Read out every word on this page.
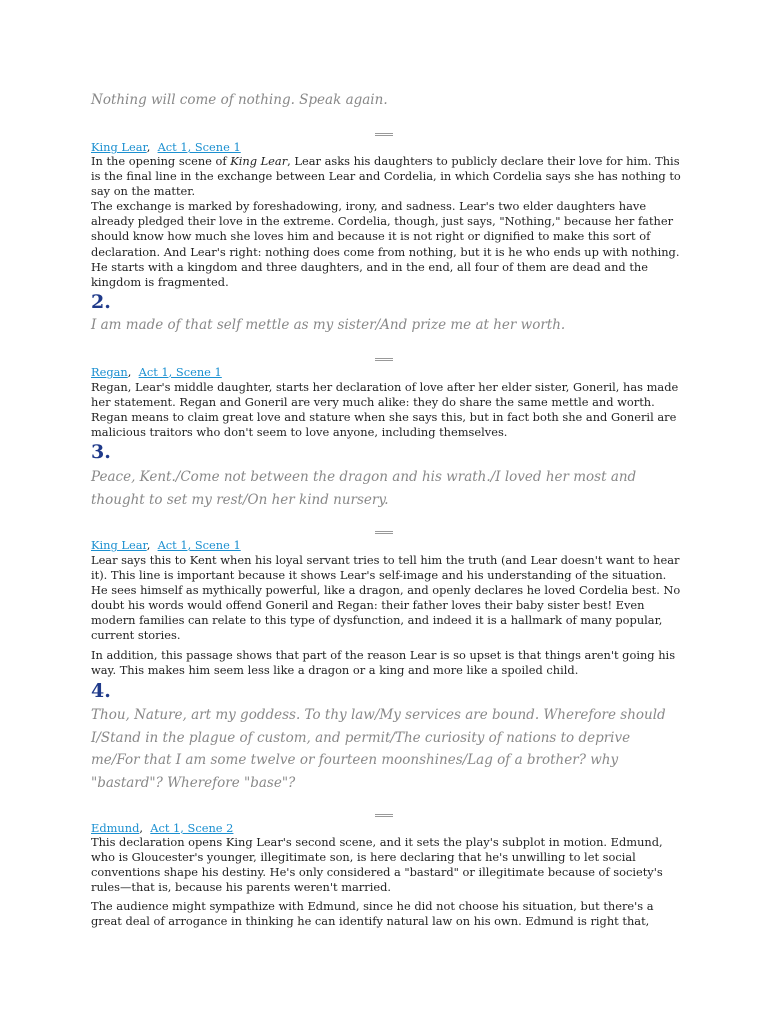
Nothing will come of nothing. Speak again.
King Lear, Act 1, Scene 1

In the opening scene of King Lear, Lear asks his daughters to publicly declare their love for him. This is the final line in the exchange between Lear and Cordelia, in which Cordelia says she has nothing to say on the matter.

The exchange is marked by foreshadowing, irony, and sadness. Lear's two elder daughters have already pledged their love in the extreme. Cordelia, though, just says, "Nothing," because her father should know how much she loves him and because it is not right or dignified to make this sort of declaration. And Lear's right: nothing does come from nothing, but it is he who ends up with nothing. He starts with a kingdom and three daughters, and in the end, all four of them are dead and the kingdom is fragmented.

2.
I am made of that self mettle as my sister/And prize me at her worth.
Regan, Act 1, Scene 1

Regan, Lear's middle daughter, starts her declaration of love after her elder sister, Goneril, has made her statement. Regan and Goneril are very much alike: they do share the same mettle and worth. Regan means to claim great love and stature when she says this, but in fact both she and Goneril are malicious traitors who don't seem to love anyone, including themselves.

3.
Peace, Kent./Come not between the dragon and his wrath./I loved her most and thought to set my rest/On her kind nursery.
King Lear, Act 1, Scene 1

Lear says this to Kent when his loyal servant tries to tell him the truth (and Lear doesn't want to hear it). This line is important because it shows Lear's self-image and his understanding of the situation. He sees himself as mythically powerful, like a dragon, and openly declares he loved Cordelia best. No doubt his words would offend Goneril and Regan: their father loves their baby sister best! Even modern families can relate to this type of dysfunction, and indeed it is a hallmark of many popular, current stories.

In addition, this passage shows that part of the reason Lear is so upset is that things aren't going his way. This makes him seem less like a dragon or a king and more like a spoiled child.

4.
Thou, Nature, art my goddess. To thy law/My services are bound. Wherefore should I/Stand in the plague of custom, and permit/The curiosity of nations to deprive me/For that I am some twelve or fourteen moonshines/Lag of a brother? why "bastard"? Wherefore "base"?
Edmund, Act 1, Scene 2

This declaration opens King Lear's second scene, and it sets the play's subplot in motion. Edmund, who is Gloucester's younger, illegitimate son, is here declaring that he's unwilling to let social conventions shape his destiny. He's only considered a "bastard" or illegitimate because of society's rules—that is, because his parents weren't married.

The audience might sympathize with Edmund, since he did not choose his situation, but there's a great deal of arrogance in thinking he can identify natural law on his own. Edmund is right that,
